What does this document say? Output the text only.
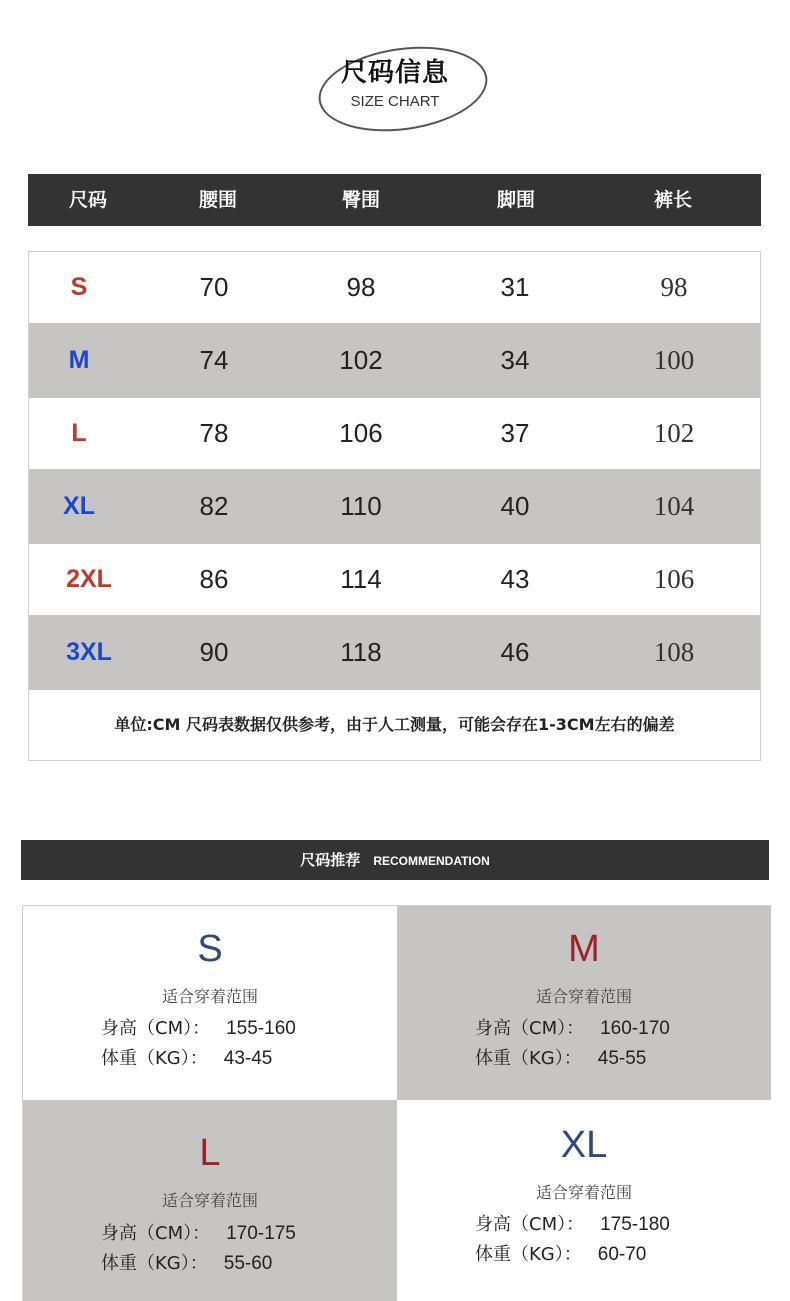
尺码信息
SIZE CHART
尺码	腰围	臀围	脚围	裤长
S	70	98	31	98
M	74	102	34	100
L	78	106	37	102
XL	82	110	40	104
2XL	86	114	43	106
3XL	90	118	46	108
单位:CM 尺码表数据仅供参考，由于人工测量，可能会存在1-3CM左右的偏差
尺码推荐 RECOMMENDATION
S
适合穿着范围
身高（CM）： 155-160
体重（KG）： 43-45
M
适合穿着范围
身高（CM）： 160-170
体重（KG）： 45-55
L
适合穿着范围
身高（CM）： 170-175
体重（KG）： 55-60
XL
适合穿着范围
身高（CM）： 175-180
体重（KG）： 60-70
